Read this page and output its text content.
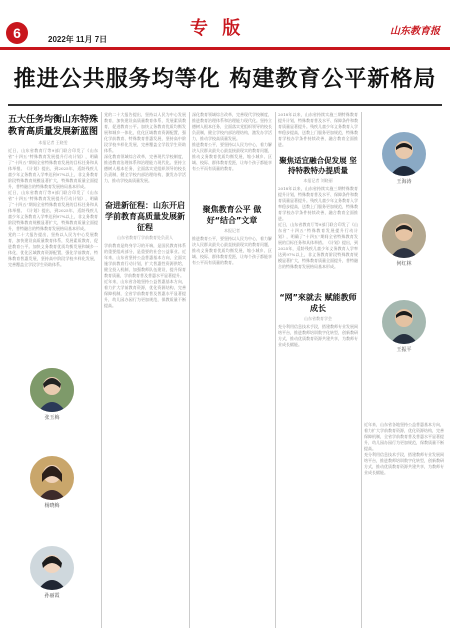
6	2022年 11月 7日
专 版	山东教育报
推进公共服务均等化 构建教育公平新格局
五大任务均衡山东特殊教育高质量发展新蓝图
本报记者 王晓雯
近日，山东省教育厅等9部门联合印发了《山东省“十四五”特殊教育发展提升行动计划》，明确了“十四五”期间全省特殊教育发展的目标任务和具体举措。《计划》提出，到2025年，适龄残疾儿童少年义务教育入学率达到97%以上，非义务教育阶段特殊教育规模显著扩大，特殊教育质量全面提升，普特融合的特殊教育发展格局基本形成。
近日，山东省教育厅等9部门联合印发了《山东省“十四五”特殊教育发展提升行动计划》，明确了“十四五”期间全省特殊教育发展的目标任务和具体举措。《计划》提出，到2025年，适龄残疾儿童少年义务教育入学率达到97%以上，非义务教育阶段特殊教育规模显著扩大，特殊教育质量全面提升，普特融合的特殊教育发展格局基本形成。
党的二十大报告提出，坚持以人民为中心发展教育，加快建设高质量教育体系，发展素质教育，促进教育公平。加快义务教育优质均衡发展和城乡一体化，优化区域教育资源配置，强化学前教育、特殊教育普惠发展，坚持高中阶段学校多样化发展，完善覆盖全学段学生资助体系。
张玉梅
杨晓梅
孙丽霞
党的二十大报告提出，坚持以人民为中心发展教育，加快建设高质量教育体系，发展素质教育，促进教育公平。加快义务教育优质均衡发展和城乡一体化，优化区域教育资源配置，强化学前教育、特殊教育普惠发展，坚持高中阶段学校多样化发展，完善覆盖全学段学生资助体系。
深化教育领域综合改革，完善现代学校制度，推进教育治理体系和治理能力现代化。坚持立德树人根本任务，全面落实党组织领导的校长负责制，健全学校内部治理结构，激发办学活力，推动学校高质量发展。
奋进新征程：山东开启学前教育高质量发展新征程
山东省教育厅学前教育处负责人
学前教育是终身学习的开端，是国民教育体系的重要组成部分，是重要的社会公益事业。近年来，山东省坚持公益普惠基本方向，全面实施学前教育行动计划，扩大普惠性资源供给，健全投入机制，加强教师队伍建设，提升保育教育质量，学前教育普及普惠水平显著提升。
近年来，山东省各地坚持公益普惠基本方向，着力扩大学前教育资源，优化资源结构，完善保障机制，全省学前教育普及普惠水平显著提升，幼儿园办园行为更加规范，保教质量不断提高。
深化教育领域综合改革，完善现代学校制度，推进教育治理体系和治理能力现代化。坚持立德树人根本任务，全面落实党组织领导的校长负责制，健全学校内部治理结构，激发办学活力，推动学校高质量发展。
推进教育公平，要坚持以人民为中心，着力解决人民群众最关心最直接最现实的教育问题，推动义务教育优质均衡发展，缩小城乡、区域、校际、群体教育差距，让每个孩子都能享有公平而有质量的教育。
聚焦教育公平 做好“结合”文章
本报记者
推进教育公平，要坚持以人民为中心，着力解决人民群众最关心最直接最现实的教育问题，推动义务教育优质均衡发展，缩小城乡、区域、校际、群体教育差距，让每个孩子都能享有公平而有质量的教育。
2018年以来，山东省持续实施三期特殊教育提升计划，特殊教育普及水平、保障条件和教育质量显著提升。残疾儿童少年义务教育入学率稳步提高，送教上门服务更加规范，特殊教育学校办学条件持续改善，融合教育全面推进。
聚焦适宜融合促发展 坚持特教特办提质量
本报记者 刘晓丽
2018年以来，山东省持续实施三期特殊教育提升计划，特殊教育普及水平、保障条件和教育质量显著提升。残疾儿童少年义务教育入学率稳步提高，送教上门服务更加规范，特殊教育学校办学条件持续改善，融合教育全面推进。
近日，山东省教育厅等9部门联合印发了《山东省“十四五”特殊教育发展提升行动计划》，明确了“十四五”期间全省特殊教育发展的目标任务和具体举措。《计划》提出，到2025年，适龄残疾儿童少年义务教育入学率达到97%以上，非义务教育阶段特殊教育规模显著扩大，特殊教育质量全面提升，普特融合的特殊教育发展格局基本形成。
“网”來就去 赋能教师成长
山东省教育学会
充分利用信息技术手段，搭建教师专业发展网络平台，推进教师培训数字化转型，创新教研方式，推动优质教育资源共建共享，为教师专业成长赋能。
近年来，山东省各地坚持公益普惠基本方向，着力扩大学前教育资源，优化资源结构，完善保障机制，全省学前教育普及普惠水平显著提升，幼儿园办园行为更加规范，保教质量不断提高。
充分利用信息技术手段，搭建教师专业发展网络平台，推进教师培训数字化转型，创新教研方式，推动优质教育资源共建共享，为教师专业成长赋能。
王海涛
何红林
王振平
